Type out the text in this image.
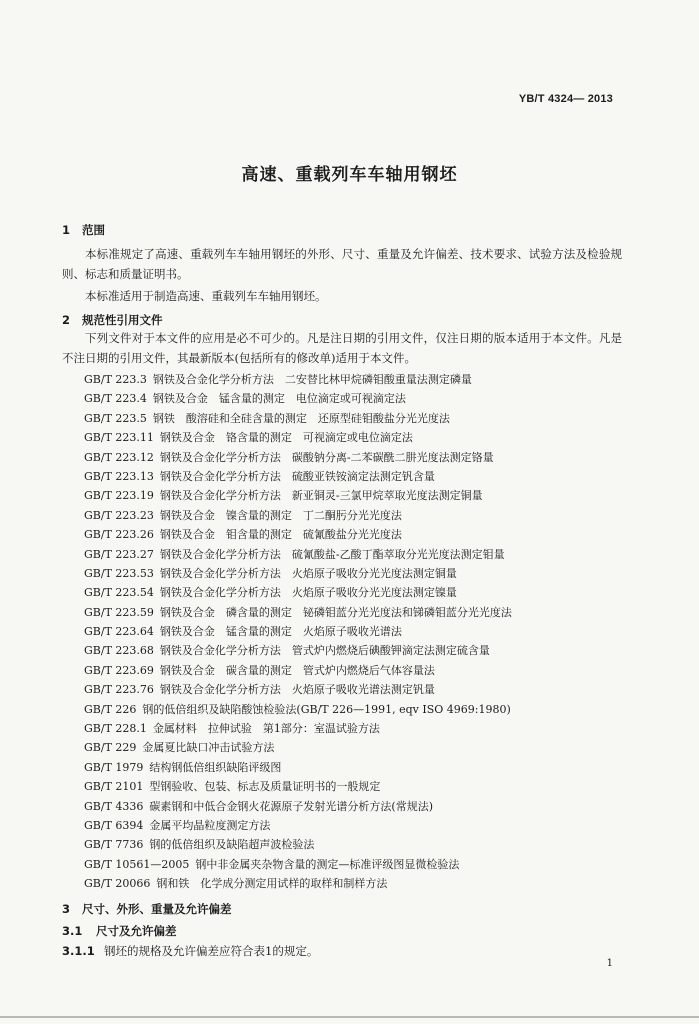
YB/T 4324— 2013
高速、重载列车车轴用钢坯
1 范围
本标准规定了高速、重载列车车轴用钢坯的外形、尺寸、重量及允许偏差、技术要求、试验方法及检验规则、标志和质量证明书。
本标准适用于制造高速、重载列车车轴用钢坯。
2 规范性引用文件
下列文件对于本文件的应用是必不可少的。凡是注日期的引用文件，仅注日期的版本适用于本文件。凡是不注日期的引用文件，其最新版本(包括所有的修改单)适用于本文件。
GB/T 223.3 钢铁及合金化学分析方法　二安替比林甲烷磷钼酸重量法测定磷量
GB/T 223.4 钢铁及合金　锰含量的测定　电位滴定或可视滴定法
GB/T 223.5 钢铁　酸溶硅和全硅含量的测定　还原型硅钼酸盐分光光度法
GB/T 223.11 钢铁及合金　铬含量的测定　可视滴定或电位滴定法
GB/T 223.12 钢铁及合金化学分析方法　碳酸钠分离-二苯碳酰二肼光度法测定铬量
GB/T 223.13 钢铁及合金化学分析方法　硫酸亚铁铵滴定法测定钒含量
GB/T 223.19 钢铁及合金化学分析方法　新亚铜灵-三氯甲烷萃取光度法测定铜量
GB/T 223.23 钢铁及合金　镍含量的测定　丁二酮肟分光光度法
GB/T 223.26 钢铁及合金　钼含量的测定　硫氰酸盐分光光度法
GB/T 223.27 钢铁及合金化学分析方法　硫氰酸盐-乙酸丁酯萃取分光光度法测定钼量
GB/T 223.53 钢铁及合金化学分析方法　火焰原子吸收分光光度法测定铜量
GB/T 223.54 钢铁及合金化学分析方法　火焰原子吸收分光光度法测定镍量
GB/T 223.59 钢铁及合金　磷含量的测定　铋磷钼蓝分光光度法和锑磷钼蓝分光光度法
GB/T 223.64 钢铁及合金　锰含量的测定　火焰原子吸收光谱法
GB/T 223.68 钢铁及合金化学分析方法　管式炉内燃烧后碘酸钾滴定法测定硫含量
GB/T 223.69 钢铁及合金　碳含量的测定　管式炉内燃烧后气体容量法
GB/T 223.76 钢铁及合金化学分析方法　火焰原子吸收光谱法测定钒量
GB/T 226 钢的低倍组织及缺陷酸蚀检验法(GB/T 226—1991, eqv ISO 4969:1980)
GB/T 228.1 金属材料　拉伸试验　第1部分：室温试验方法
GB/T 229 金属夏比缺口冲击试验方法
GB/T 1979 结构钢低倍组织缺陷评级图
GB/T 2101 型钢验收、包装、标志及质量证明书的一般规定
GB/T 4336 碳素钢和中低合金钢火花源原子发射光谱分析方法(常规法)
GB/T 6394 金属平均晶粒度测定方法
GB/T 7736 钢的低倍组织及缺陷超声波检验法
GB/T 10561—2005 钢中非金属夹杂物含量的测定—标准评级图显微检验法
GB/T 20066 钢和铁　化学成分测定用试样的取样和制样方法
3 尺寸、外形、重量及允许偏差
3.1 尺寸及允许偏差
3.1.1 钢坯的规格及允许偏差应符合表1的规定。
1
